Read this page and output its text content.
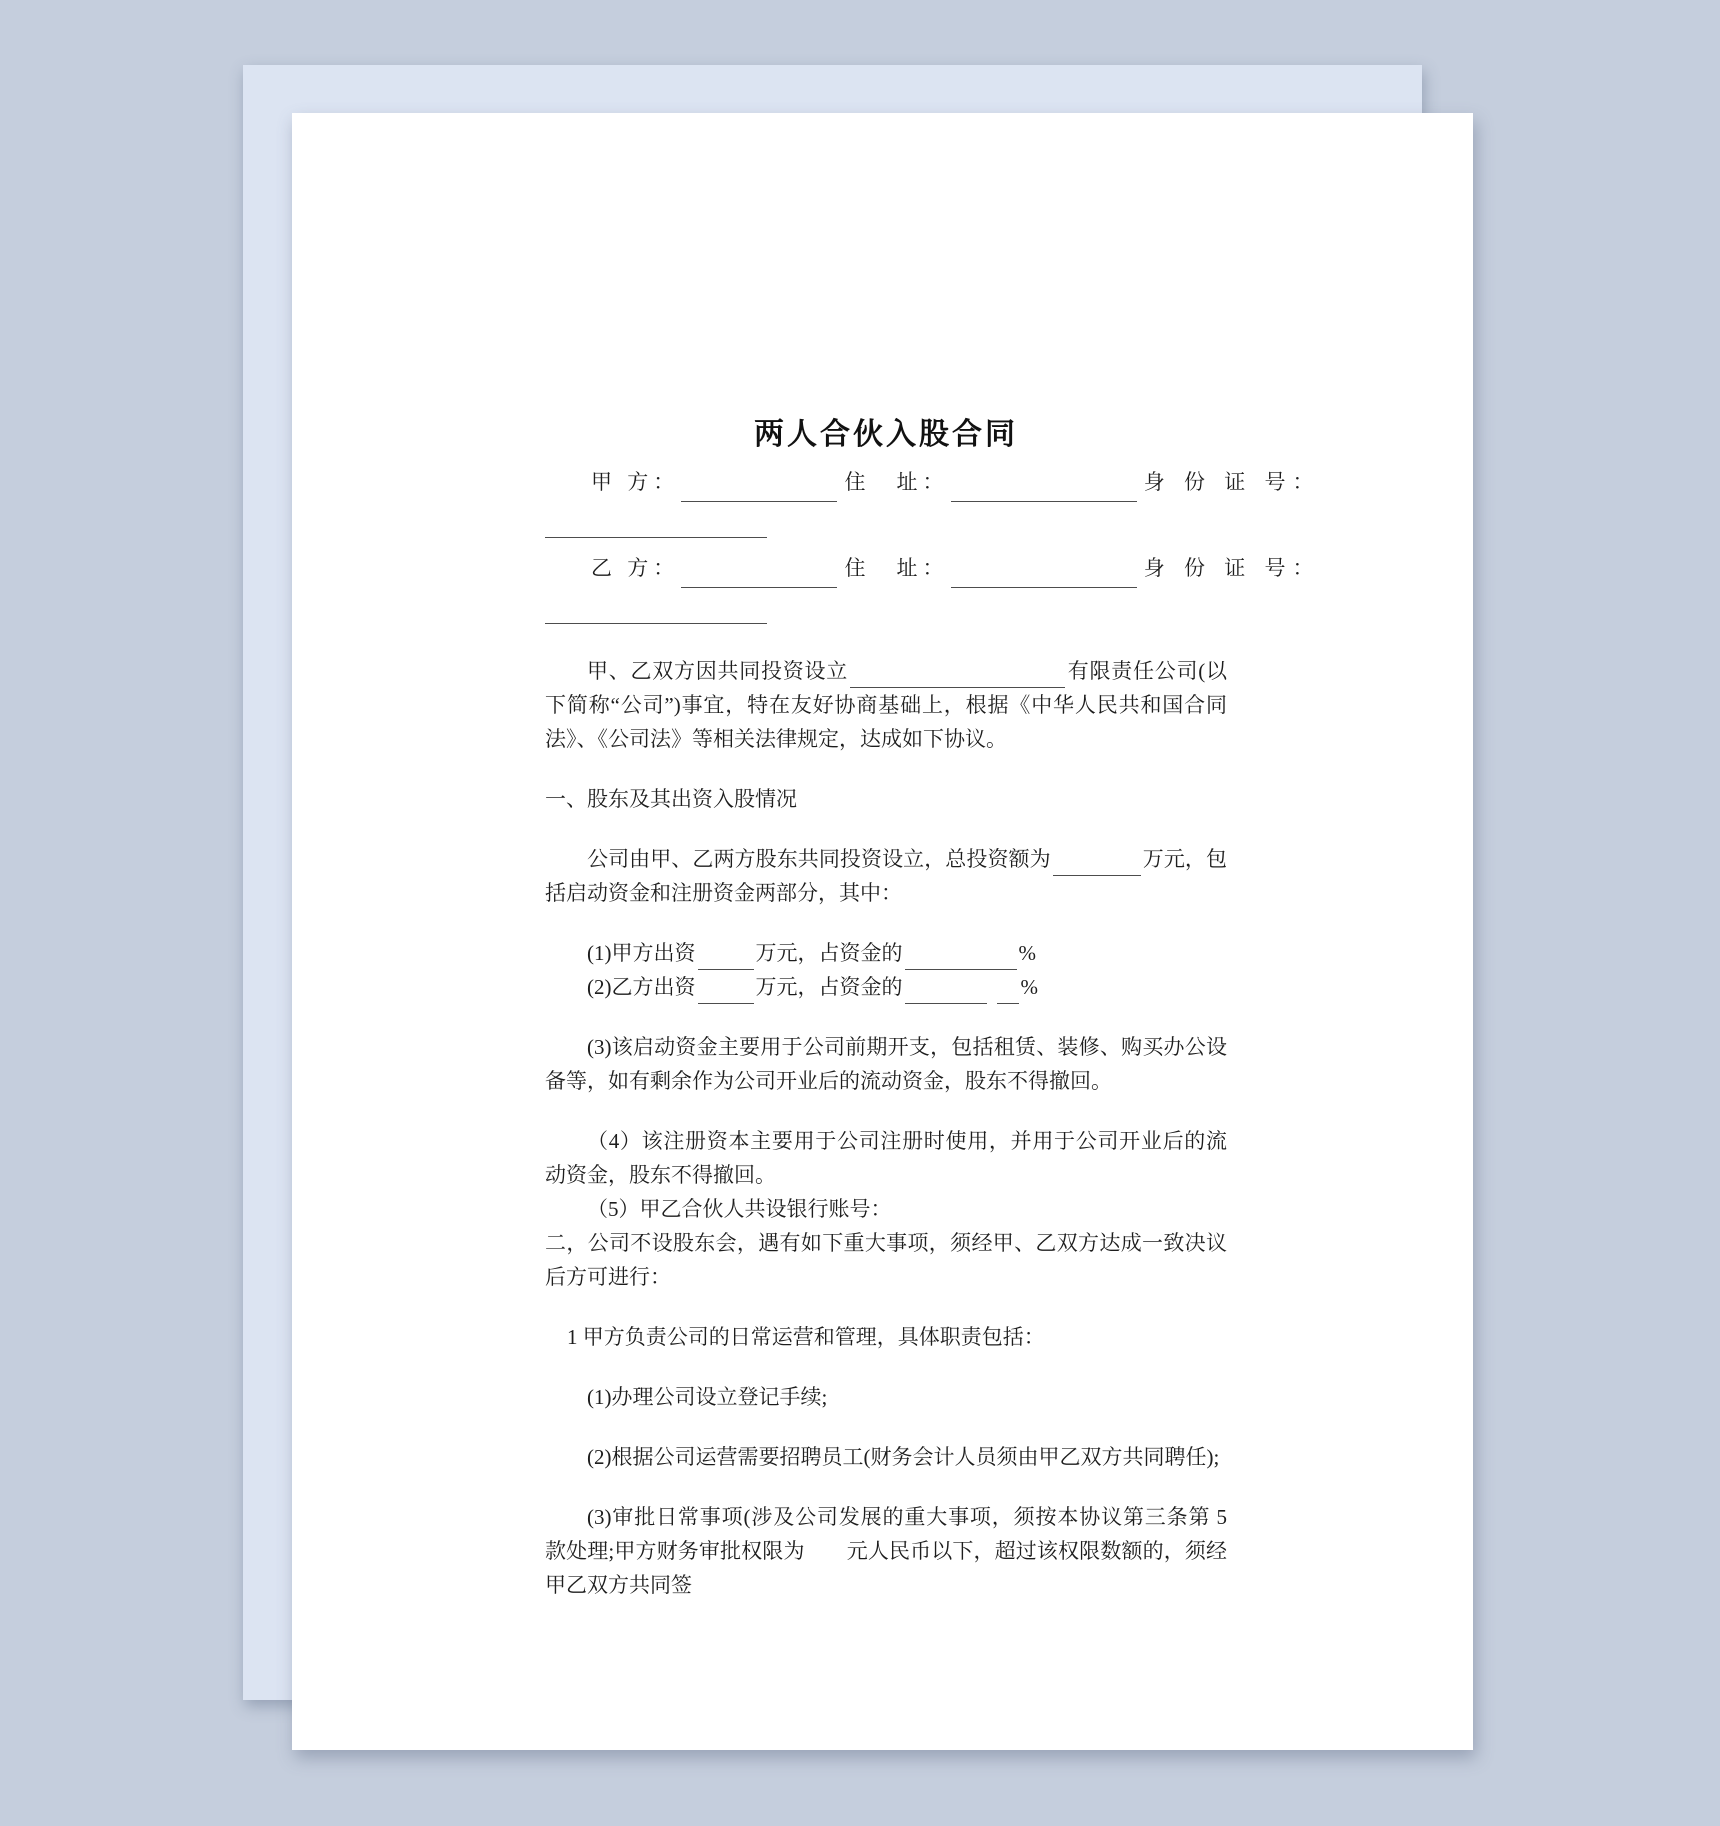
两人合伙入股合同
甲 方：	住　址：	身 份 证 号：
乙 方：	住　址：	身 份 证 号：
甲、乙双方因共同投资设立	有限责任公司(以下简称“公司”)事宜，特在友好协商基础上，根据《中华人民共和国合同法》、《公司法》等相关法律规定，达成如下协议。
一、股东及其出资入股情况
公司由甲、乙两方股东共同投资设立，总投资额为	万元，包括启动资金和注册资金两部分，其中：
(1)甲方出资	万元，占资金的	%
(2)乙方出资	万元，占资金的	%
(3)该启动资金主要用于公司前期开支，包括租赁、装修、购买办公设备等，如有剩余作为公司开业后的流动资金，股东不得撤回。
（4）该注册资本主要用于公司注册时使用，并用于公司开业后的流动资金，股东不得撤回。
（5）甲乙合伙人共设银行账号：
二，公司不设股东会，遇有如下重大事项，须经甲、乙双方达成一致决议后方可进行：
1 甲方负责公司的日常运营和管理，具体职责包括：
(1)办理公司设立登记手续;
(2)根据公司运营需要招聘员工(财务会计人员须由甲乙双方共同聘任);
(3)审批日常事项(涉及公司发展的重大事项，须按本协议第三条第 5 款处理;甲方财务审批权限为 元人民币以下，超过该权限数额的，须经甲乙双方共同签
